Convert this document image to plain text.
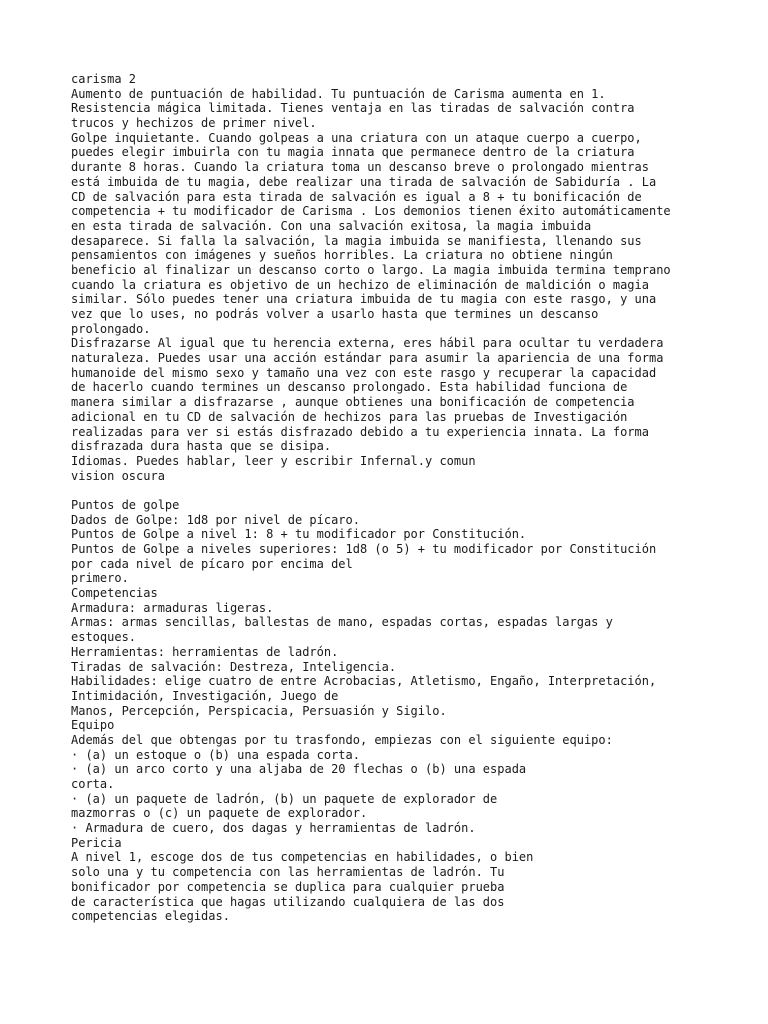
carisma 2
Aumento de puntuación de habilidad. Tu puntuación de Carisma aumenta en 1.
Resistencia mágica limitada. Tienes ventaja en las tiradas de salvación contra
trucos y hechizos de primer nivel.
Golpe inquietante. Cuando golpeas a una criatura con un ataque cuerpo a cuerpo,
puedes elegir imbuirla con tu magia innata que permanece dentro de la criatura
durante 8 horas. Cuando la criatura toma un descanso breve o prolongado mientras
está imbuida de tu magia, debe realizar una tirada de salvación de Sabiduría . La
CD de salvación para esta tirada de salvación es igual a 8 + tu bonificación de
competencia + tu modificador de Carisma . Los demonios tienen éxito automáticamente
en esta tirada de salvación. Con una salvación exitosa, la magia imbuida
desaparece. Si falla la salvación, la magia imbuida se manifiesta, llenando sus
pensamientos con imágenes y sueños horribles. La criatura no obtiene ningún
beneficio al finalizar un descanso corto o largo. La magia imbuida termina temprano
cuando la criatura es objetivo de un hechizo de eliminación de maldición o magia
similar. Sólo puedes tener una criatura imbuida de tu magia con este rasgo, y una
vez que lo uses, no podrás volver a usarlo hasta que termines un descanso
prolongado.
Disfrazarse Al igual que tu herencia externa, eres hábil para ocultar tu verdadera
naturaleza. Puedes usar una acción estándar para asumir la apariencia de una forma
humanoide del mismo sexo y tamaño una vez con este rasgo y recuperar la capacidad
de hacerlo cuando termines un descanso prolongado. Esta habilidad funciona de
manera similar a disfrazarse , aunque obtienes una bonificación de competencia
adicional en tu CD de salvación de hechizos para las pruebas de Investigación
realizadas para ver si estás disfrazado debido a tu experiencia innata. La forma
disfrazada dura hasta que se disipa.
Idiomas. Puedes hablar, leer y escribir Infernal.y comun
vision oscura
Puntos de golpe
Dados de Golpe: 1d8 por nivel de pícaro.
Puntos de Golpe a nivel 1: 8 + tu modificador por Constitución.
Puntos de Golpe a niveles superiores: 1d8 (o 5) + tu modificador por Constitución
por cada nivel de pícaro por encima del
primero.
Competencias
Armadura: armaduras ligeras.
Armas: armas sencillas, ballestas de mano, espadas cortas, espadas largas y
estoques.
Herramientas: herramientas de ladrón.
Tiradas de salvación: Destreza, Inteligencia.
Habilidades: elige cuatro de entre Acrobacias, Atletismo, Engaño, Interpretación,
Intimidación, Investigación, Juego de
Manos, Percepción, Perspicacia, Persuasión y Sigilo.
Equipo
Además del que obtengas por tu trasfondo, empiezas con el siguiente equipo:
· (a) un estoque o (b) una espada corta.
· (a) un arco corto y una aljaba de 20 flechas o (b) una espada
corta.
· (a) un paquete de ladrón, (b) un paquete de explorador de
mazmorras o (c) un paquete de explorador.
· Armadura de cuero, dos dagas y herramientas de ladrón.
Pericia
A nivel 1, escoge dos de tus competencias en habilidades, o bien
solo una y tu competencia con las herramientas de ladrón. Tu
bonificador por competencia se duplica para cualquier prueba
de característica que hagas utilizando cualquiera de las dos
competencias elegidas.
